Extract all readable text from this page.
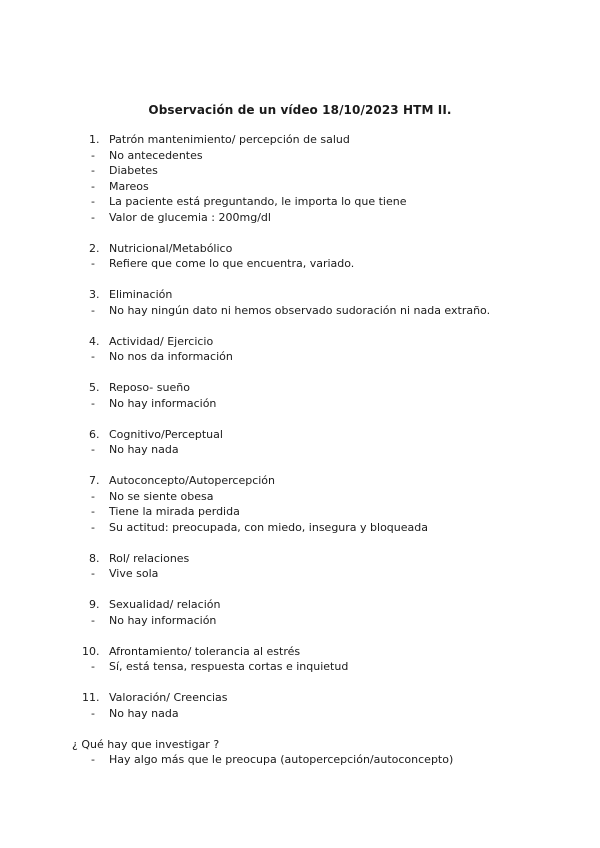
Observación de un vídeo 18/10/2023 HTM II.
1. Patrón mantenimiento/ percepción de salud
- No antecedentes
- Diabetes
- Mareos
- La paciente está preguntando, le importa lo que tiene
- Valor de glucemia : 200mg/dl
2. Nutricional/Metabólico
- Refiere que come lo que encuentra, variado.
3. Eliminación
- No hay ningún dato ni hemos observado sudoración ni nada extraño.
4. Actividad/ Ejercicio
- No nos da información
5. Reposo- sueño
- No hay información
6. Cognitivo/Perceptual
- No hay nada
7. Autoconcepto/Autopercepción
- No se siente obesa
- Tiene la mirada perdida
- Su actitud: preocupada, con miedo, insegura y bloqueada
8. Rol/ relaciones
- Vive sola
9. Sexualidad/ relación
- No hay información
10. Afrontamiento/ tolerancia al estrés
- Sí, está tensa, respuesta cortas e inquietud
11. Valoración/ Creencias
- No hay nada
¿ Qué hay que investigar ?
- Hay algo más que le preocupa (autopercepción/autoconcepto)
